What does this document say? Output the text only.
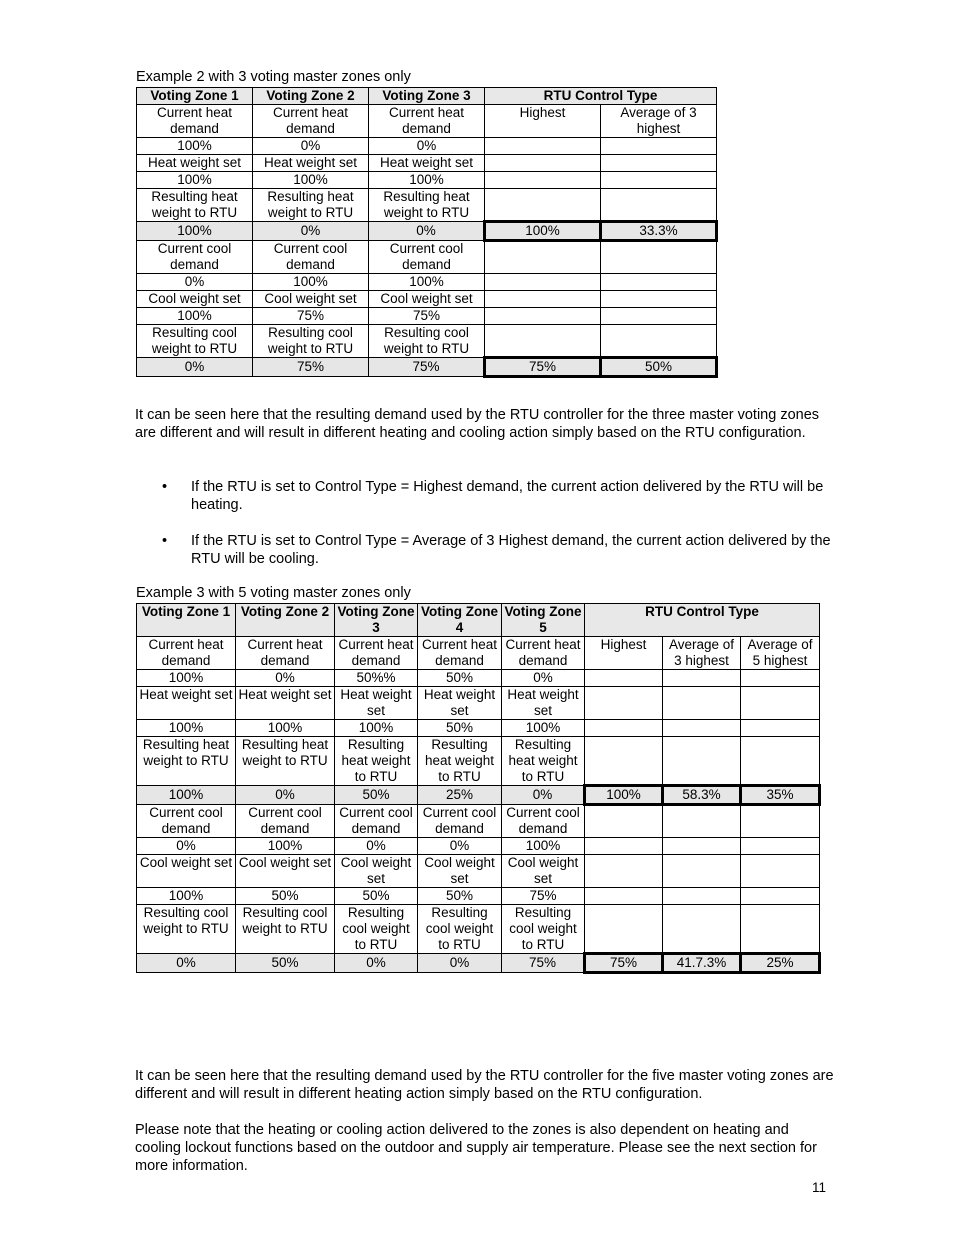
Example 2 with 3 voting master zones only
Voting Zone 1	Voting Zone 2	Voting Zone 3	RTU Control Type	
Current heat demand	Current heat demand	Current heat demand	Highest	Average of 3 highest
100%	0%	0%		
Heat weight set	Heat weight set	Heat weight set		
100%	100%	100%		
Resulting heat weight to RTU	Resulting heat weight to RTU	Resulting heat weight to RTU		
100%	0%	0%	100%	33.3%
Current cool demand	Current cool demand	Current cool demand		
0%	100%	100%		
Cool weight set	Cool weight set	Cool weight set		
100%	75%	75%		
Resulting cool weight to RTU	Resulting cool weight to RTU	Resulting cool weight to RTU		
0%	75%	75%	75%	50%
It can be seen here that the resulting demand used by the RTU controller for the three master voting zones are different and will result in different heating and cooling action simply based on the RTU configuration.
• If the RTU is set to Control Type = Highest demand, the current action delivered by the RTU will be heating.
• If the RTU is set to Control Type = Average of 3 Highest demand, the current action delivered by the RTU will be cooling.
Example 3 with 5 voting master zones only
Voting Zone 1	Voting Zone 2	Voting Zone 3	Voting Zone 4	Voting Zone 5	RTU Control Type		
Current heat demand	Current heat demand	Current heat demand	Current heat demand	Current heat demand	Highest	Average of 3 highest	Average of 5 highest
100%	0%	50%%	50%	0%			
Heat weight set	Heat weight set	Heat weight set	Heat weight set	Heat weight set			
100%	100%	100%	50%	100%			
Resulting heat weight to RTU	Resulting heat weight to RTU	Resulting heat weight to RTU	Resulting heat weight to RTU	Resulting heat weight to RTU			
100%	0%	50%	25%	0%	100%	58.3%	35%
Current cool demand	Current cool demand	Current cool demand	Current cool demand	Current cool demand			
0%	100%	0%	0%	100%			
Cool weight set	Cool weight set	Cool weight set	Cool weight set	Cool weight set			
100%	50%	50%	50%	75%			
Resulting cool weight to RTU	Resulting cool weight to RTU	Resulting cool weight to RTU	Resulting cool weight to RTU	Resulting cool weight to RTU			
0%	50%	0%	0%	75%	75%	41.7.3%	25%
It can be seen here that the resulting demand used by the RTU controller for the five master voting zones are different and will result in different heating action simply based on the RTU configuration.
Please note that the heating or cooling action delivered to the zones is also dependent on heating and cooling lockout functions based on the outdoor and supply air temperature. Please see the next section for more information.
11
